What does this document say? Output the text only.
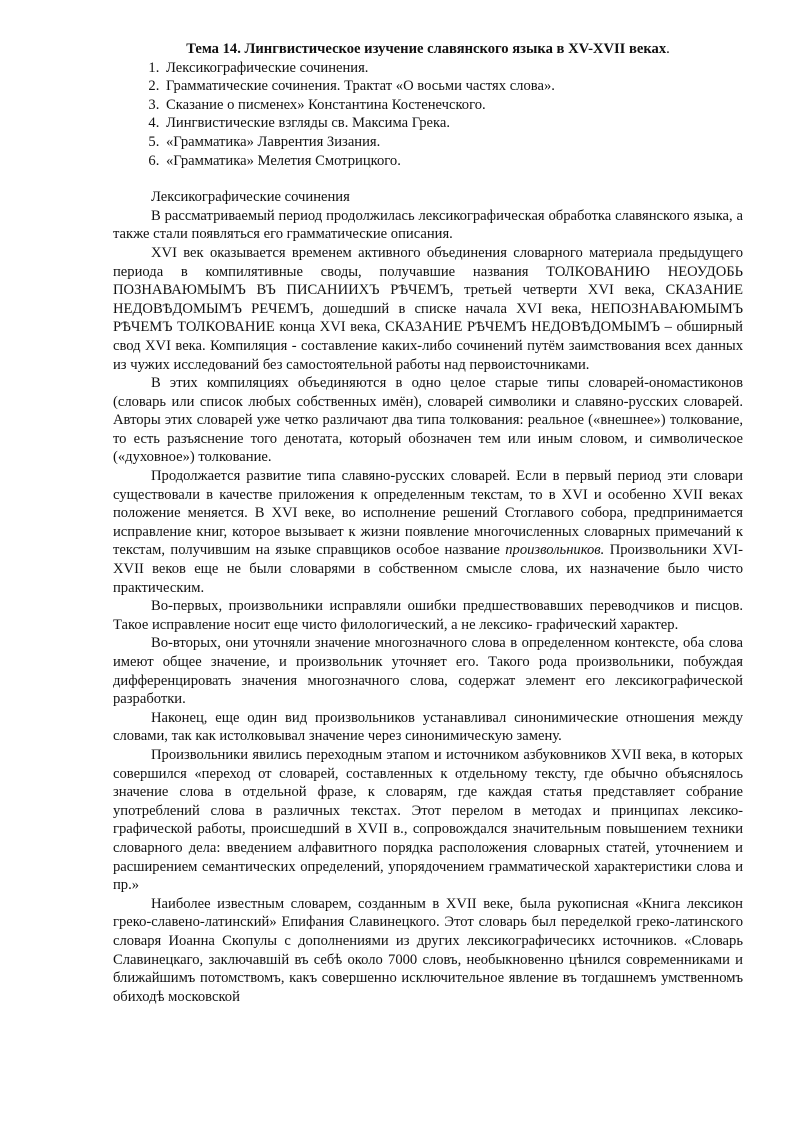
Тема 14. Лингвистическое изучение славянского языка в XV-XVII веках.
1. Лексикографические сочинения.
2. Грамматические сочинения. Трактат «О восьми частях слова».
3. Сказание о писменех» Константина Костенечского.
4. Лингвистические взгляды св. Максима Грека.
5. «Грамматика» Лаврентия Зизания.
6. «Грамматика» Мелетия Смотрицкого.

Лексикографические сочинения

В рассматриваемый период продолжилась лексикографическая обработка славянского языка, а также стали появляться его грамматические описания.

XVI век оказывается временем активного объединения словарного материала предыдущего периода в компилятивные своды, получавшие названия ТОЛКОВАНИЮ НЕОУДОБЬ ПОЗНАВАЮМЫМЪ ВЪ ПИСАНИИХЪ РѢЧЕМЪ, третьей четверти XVI века, СКАЗАНИЕ НЕДОВѢДОМЫМЪ РЕЧЕМЪ, дошедший в списке начала XVI века, НЕПОЗНАВАЮМЫМЪ РѢЧЕМЪ ТОЛКОВАНИЕ конца XVI века, СКАЗАНИЕ РѢЧЕМЪ НЕДОВѢДОМЫМЪ – обширный свод XVI века. Компиляция - составление каких-либо сочинений путём заимствования всех данных из чужих исследований без самостоятельной работы над первоисточниками.

В этих компиляциях объединяются в одно целое старые типы словарей-ономастиконов (словарь или список любых собственных имён), словарей символики и славяно-русских словарей. Авторы этих словарей уже четко различают два типа толкования: реальное («внешнее») толкование, то есть разъяснение того денотата, который обозначен тем или иным словом, и символическое («духовное») толкование.

Продолжается развитие типа славяно-русских словарей. Если в первый период эти словари существовали в качестве приложения к определенным текстам, то в XVI и особенно XVII веках положение меняется. В XVI веке, во исполнение решений Стоглавого собора, предпринимается исправление книг, которое вызывает к жизни появление многочисленных словарных примечаний к текстам, получившим на языке справщиков особое название произвольников. Произвольники XVI-XVII веков еще не были словарями в собственном смысле слова, их назначение было чисто практическим.

Во-первых, произвольники исправляли ошибки предшествовавших переводчиков и писцов. Такое исправление носит еще чисто филологический, а не лексико- графический характер.

Во-вторых, они уточняли значение многозначного слова в определенном контексте, оба слова имеют общее значение, и произвольник уточняет его. Такого рода произвольники, побуждая дифференцировать значения многозначного слова, содержат элемент его лексикографической разработки.

Наконец, еще один вид произвольников устанавливал синонимические отношения между словами, так как истолковывал значение через синонимическую замену.

Произвольники явились переходным этапом и источником азбуковников XVII века, в которых совершился «переход от словарей, составленных к отдельному тексту, где обычно объяснялось значение слова в отдельной фразе, к словарям, где каждая статья представляет собрание употреблений слова в различных текстах. Этот перелом в методах и принципах лексико-графической работы, происшедший в XVII в., сопровождался значительным повышением техники словарного дела: введением алфавитного порядка расположения словарных статей, уточнением и расширением семантических определений, упорядочением грамматической характеристики слова и пр.»

Наиболее известным словарем, созданным в XVII веке, была рукописная «Книга лексикон греко-славено-латинский» Епифания Славинецкого. Этот словарь был переделкой греко-латинского словаря Иоанна Скопулы с дополнениями из других лексикографичесикх источников. «Словарь Славинецкаго, заключавшій въ себѣ около 7000 словъ, необыкновенно цѣнился современниками и ближайшимъ потомствомъ, какъ совершенно исключительное явлениe въ тогдашнемъ умственномъ обиходѣ московской
